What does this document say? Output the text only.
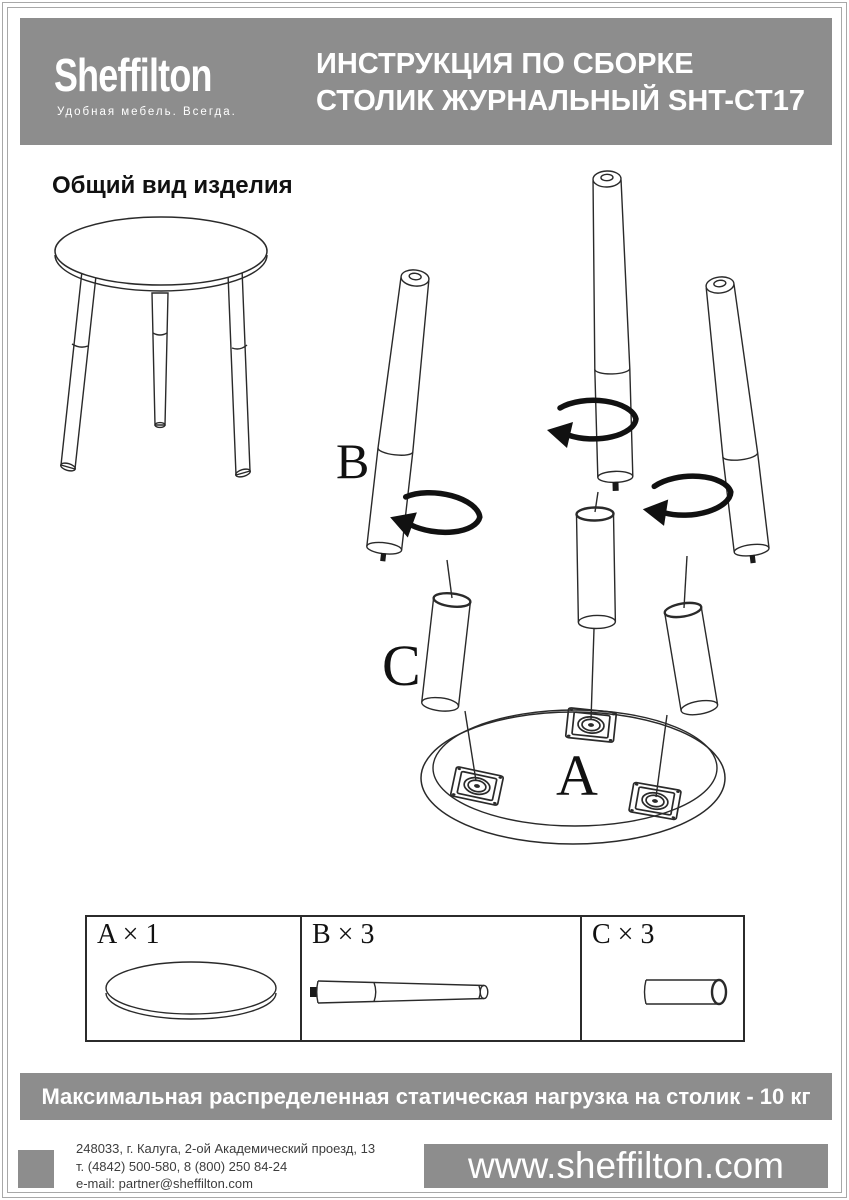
Sheffilton
Удобная мебель. Всегда.
ИНСТРУКЦИЯ ПО СБОРКЕ
СТОЛИК ЖУРНАЛЬНЫЙ SHT-CT17
Общий вид изделия
B
C
A
A × 1	B × 3	C × 3
Максимальная распределенная статическая нагрузка на столик - 10 кг
248033, г. Калуга, 2-ой Академический проезд, 13
т. (4842) 500-580, 8 (800) 250 84-24
e-mail: partner@sheffilton.com	www.sheffilton.com
